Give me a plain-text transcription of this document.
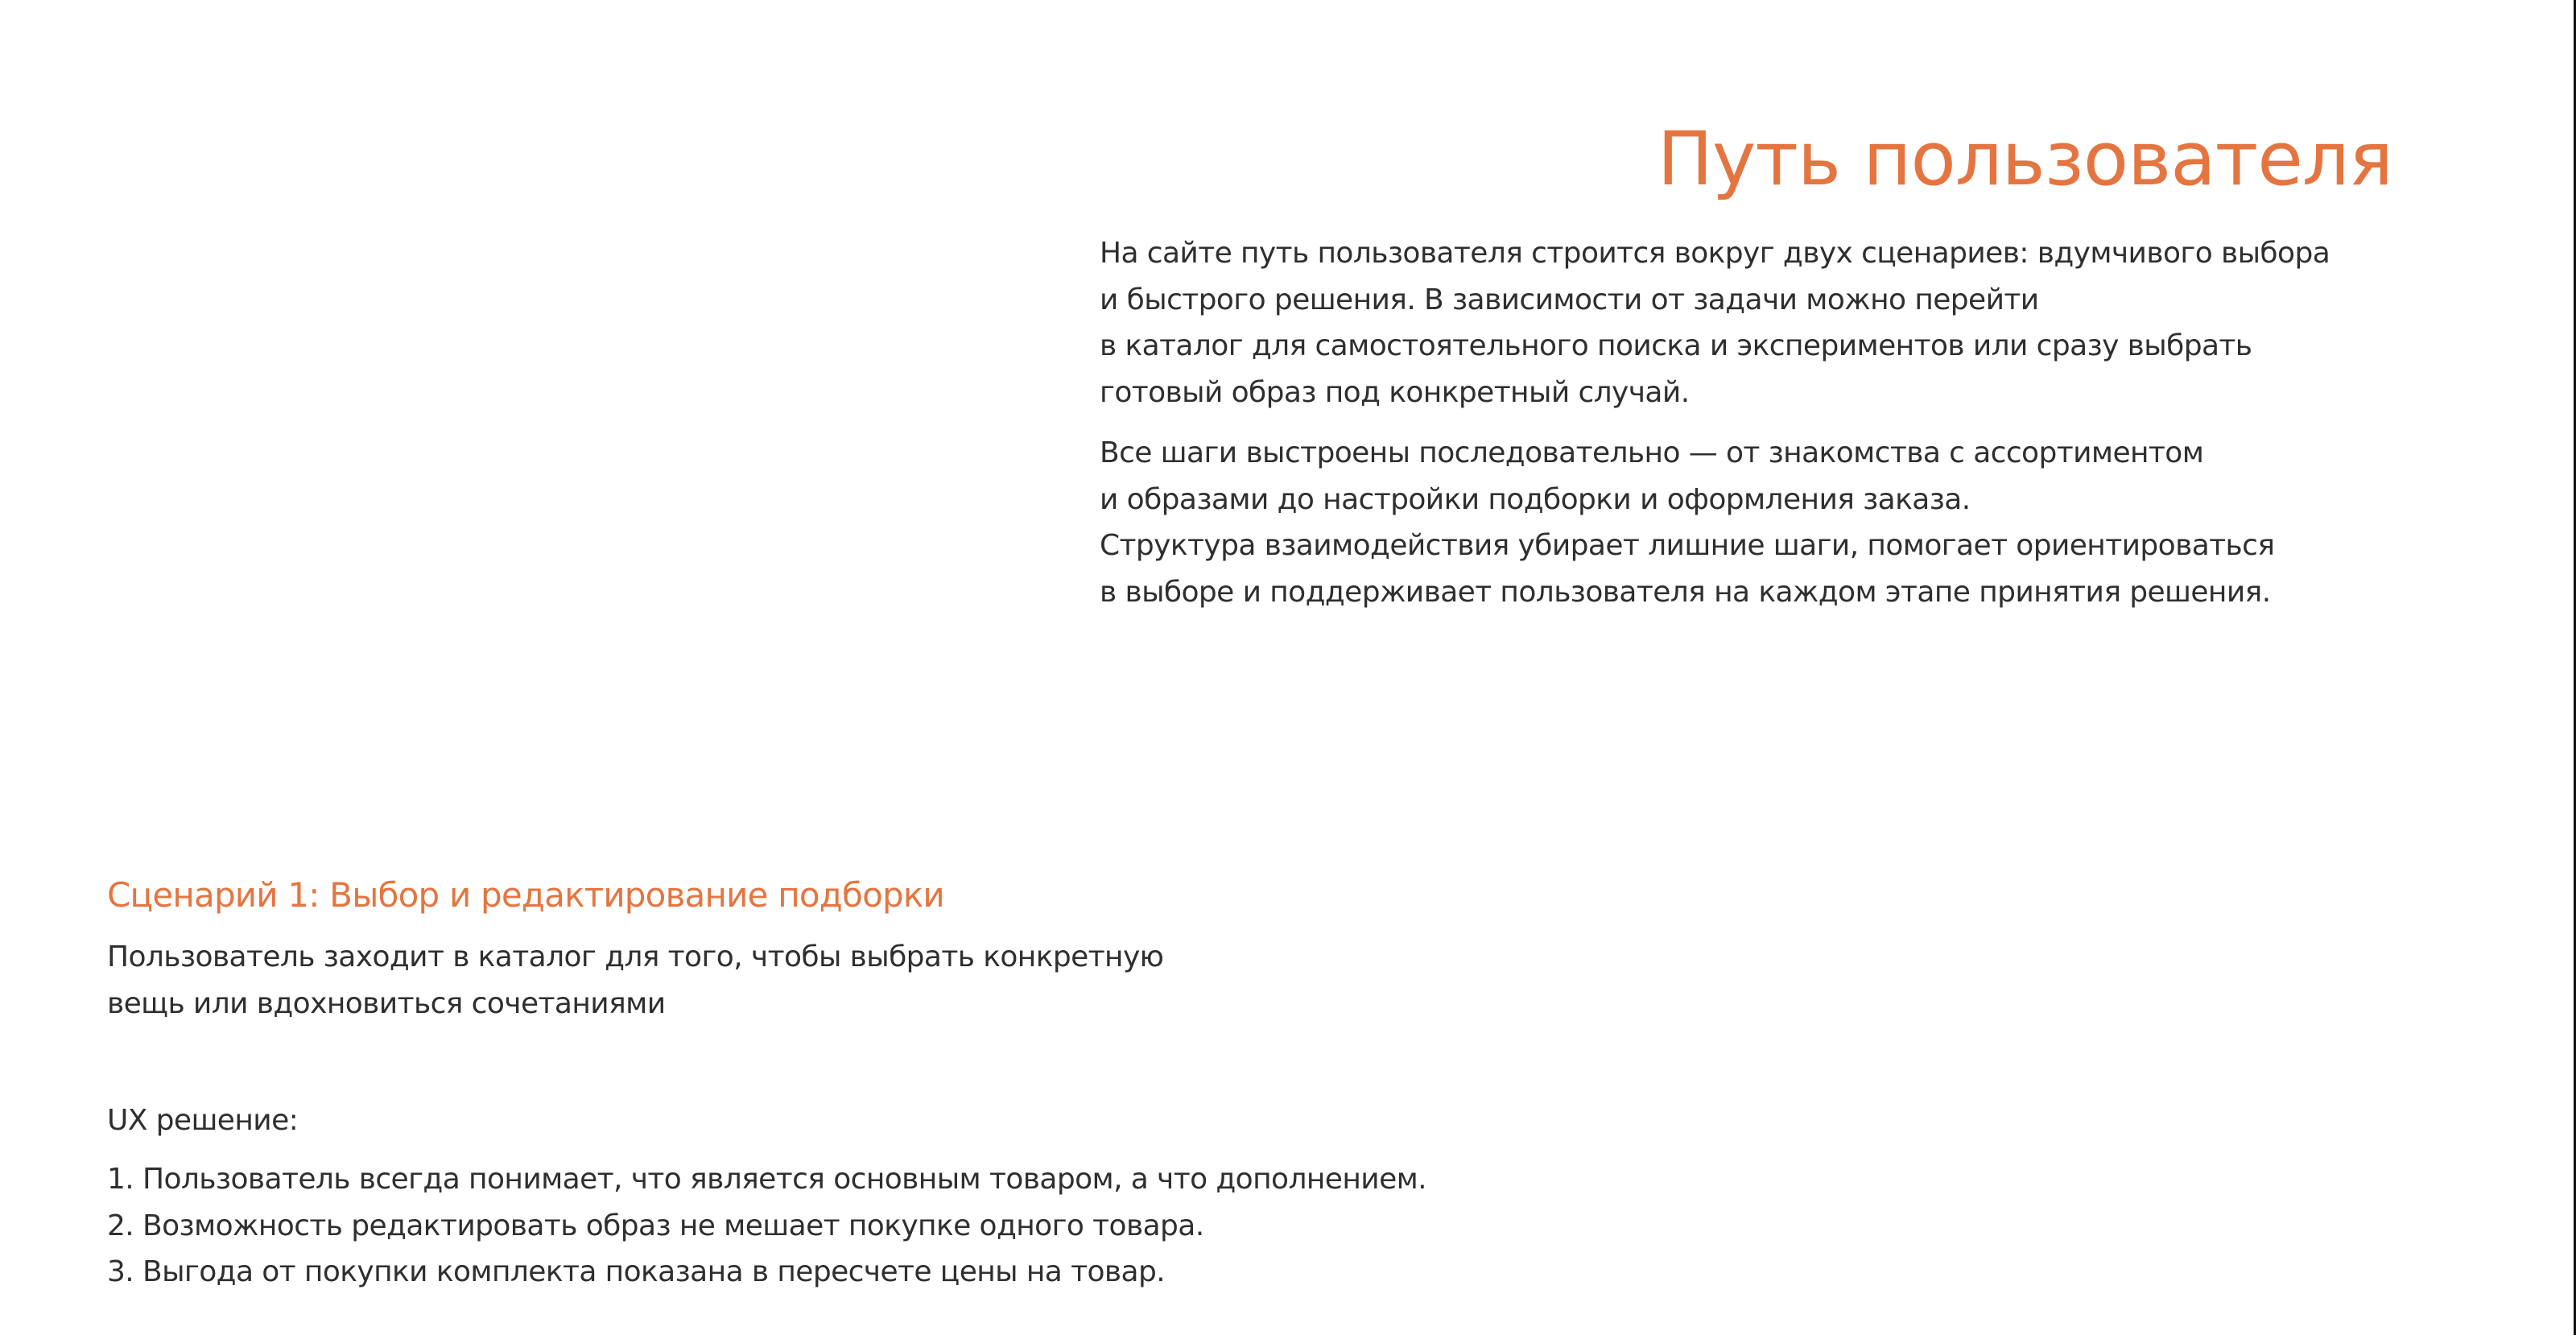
Путь пользователя

На сайте путь пользователя строится вокруг двух сценариев: вдумчивого выбора
и быстрого решения. В зависимости от задачи можно перейти
в каталог для самостоятельного поиска и экспериментов или сразу выбрать
готовый образ под конкретный случай.

Все шаги выстроены последовательно — от знакомства с ассортиментом
и образами до настройки подборки и оформления заказа.
Структура взаимодействия убирает лишние шаги, помогает ориентироваться
в выборе и поддерживает пользователя на каждом этапе принятия решения.

Сценарий 1: Выбор и редактирование подборки

Пользователь заходит в каталог для того, чтобы выбрать конкретную
вещь или вдохновиться сочетаниями

UX решение:

1. Пользователь всегда понимает, что является основным товаром, а что дополнением.
2. Возможность редактировать образ не мешает покупке одного товара.
3. Выгода от покупки комплекта показана в пересчете цены на товар.
